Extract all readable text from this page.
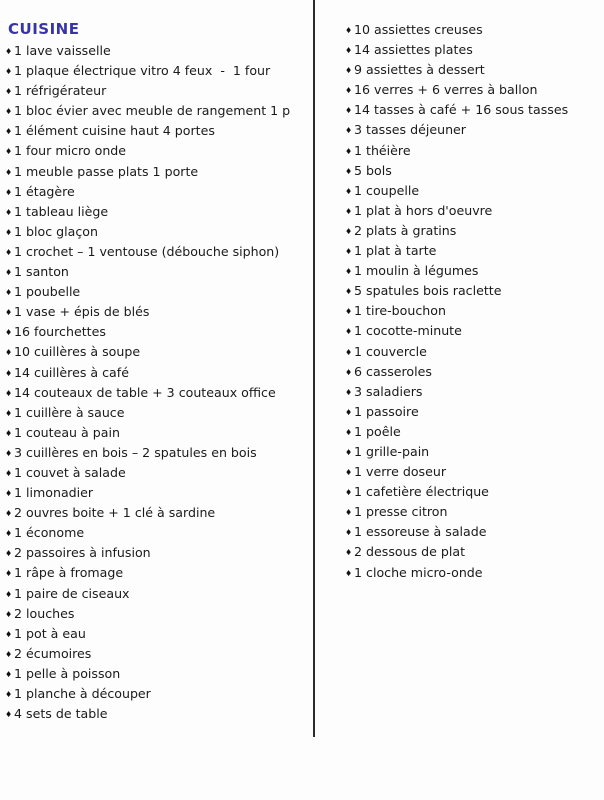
CUISINE
♦ 1 lave vaisselle
♦ 1 plaque électrique vitro 4 feux  -  1 four
♦ 1 réfrigérateur
♦ 1 bloc évier avec meuble de rangement 1 p
♦ 1 élément cuisine haut 4 portes
♦ 1 four micro onde
♦ 1 meuble passe plats 1 porte
♦ 1 étagère
♦ 1 tableau liège
♦ 1 bloc glaçon
♦ 1 crochet – 1 ventouse (débouche siphon)
♦ 1 santon
♦ 1 poubelle
♦ 1 vase + épis de blés
♦ 16 fourchettes
♦ 10 cuillères à soupe
♦ 14 cuillères à café
♦ 14 couteaux de table + 3 couteaux office
♦ 1 cuillère à sauce
♦ 1 couteau à pain
♦ 3 cuillères en bois – 2 spatules en bois
♦ 1 couvet à salade
♦ 1 limonadier
♦ 2 ouvres boite + 1 clé à sardine
♦ 1 économe
♦ 2 passoires à infusion
♦ 1 râpe à fromage
♦ 1 paire de ciseaux
♦ 2 louches
♦ 1 pot à eau
♦ 2 écumoires
♦ 1 pelle à poisson
♦ 1 planche à découper
♦ 4 sets de table
♦ 10 assiettes creuses
♦ 14 assiettes plates
♦ 9 assiettes à dessert
♦ 16 verres + 6 verres à ballon
♦ 14 tasses à café + 16 sous tasses
♦ 3 tasses déjeuner
♦ 1 théière
♦ 5 bols
♦ 1 coupelle
♦ 1 plat à hors d'oeuvre
♦ 2 plats à gratins
♦ 1 plat à tarte
♦ 1 moulin à légumes
♦ 5 spatules bois raclette
♦ 1 tire-bouchon
♦ 1 cocotte-minute
♦ 1 couvercle
♦ 6 casseroles
♦ 3 saladiers
♦ 1 passoire
♦ 1 poêle
♦ 1 grille-pain
♦ 1 verre doseur
♦ 1 cafetière électrique
♦ 1 presse citron
♦ 1 essoreuse à salade
♦ 2 dessous de plat
♦ 1 cloche micro-onde
